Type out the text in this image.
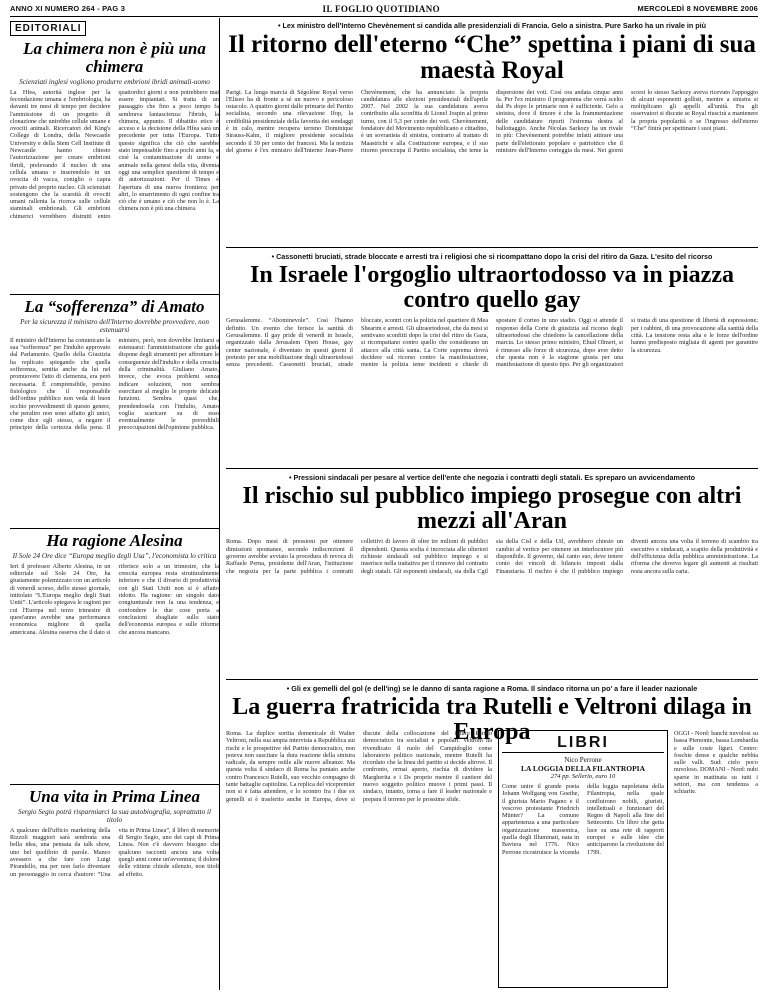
ANNO XI NUMERO 264 - PAG 3	IL FOGLIO QUOTIDIANO	MERCOLEDÌ 8 NOVEMBRE 2006
EDITORIALI
La chimera non è più una chimera
Scienziati inglesi vogliono produrre embrioni ibridi animali-uomo
La Hfea, autorità inglese per la fecondazione umana e l'embriologia, ha davanti tre mesi di tempo per decidere l'ammissione di un progetto di clonazione che unirebbe cellule umane e ovociti animali. Ricercatori del King's College di Londra, della Newcastle University e della Stem Cell Institute di Newcastle hanno chiesto l'autorizzazione per creare embrioni ibridi, prelevando il nucleo di una cellula umana e inserendolo in un ovocita di vacca, coniglio o capra privato del proprio nucleo. Gli scienziati sostengono che la scarsità di ovociti umani rallenta la ricerca sulle cellule staminali embrionali. Gli embrioni chimerici verrebbero distrutti entro quattordici giorni e non potrebbero mai essere impiantati. Si tratta di un passaggio che fino a poco tempo fa sembrava fantascienza: l'ibrido, la chimera, appunto. Il dibattito etico è acceso e la decisione della Hfea sarà un precedente per tutta l'Europa. Tutto questo significa che ciò che sarebbe stato impensabile fino a pochi anni fa, e cioè la contaminazione di uomo e animale nella genesi della vita, diventa oggi una semplice questione di tempo e di autorizzazioni. Per il Times è l'apertura di una nuova frontiera; per altri, lo smarrimento di ogni confine tra ciò che è umano e ciò che non lo è. La chimera non è più una chimera.
La “sofferenza” di Amato
Per la sicurezza il ministro dell'Interno dovrebbe provvedere, non estenuarsi
Il ministro dell'Interno ha comunicato la sua “sofferenza” per l'indulto approvato dal Parlamento. Quello della Giustizia ha replicato spiegando che quella sofferenza, sentita anche da lui nel promuovere l'atto di clemenza, era però necessaria. È comprensibile, persino fisiologico che il responsabile dell'ordine pubblico non veda di buon occhio provvedimenti di questo genere, che peraltro non sono affatto gli unici, come dice egli stesso, a negare il principio della certezza della pena. Il ministro, però, non dovrebbe limitarsi a estenuarsi: l'amministrazione che guida dispone degli strumenti per affrontare le conseguenze dell'indulto e della crescita della criminalità. Giuliano Amato, invece, che evoca problemi senza indicare soluzioni, non sembra esercitare al meglio le proprie delicate funzioni. Sembra quasi che, prendendosela con l'indulto, Amato voglia scaricare su di esso eventualmente le prevedibili preoccupazioni dell'opinione pubblica.
Ha ragione Alesina
Il Sole 24 Ore dice “Europa meglio degli Usa”, l'economista lo critica
Ieri il professor Alberto Alesina, in un editoriale sul Sole 24 Ore, ha giustamente polemizzato con un articolo di venerdì scorso, dello stesso giornale, intitolato “L'Europa meglio degli Stati Uniti”. L'articolo spiegava le ragioni per cui l'Europa nel terzo trimestre di quest'anno avrebbe una performance economica migliore di quella americana. Alesina osserva che il dato si riferisce solo a un trimestre, che la crescita europea resta strutturalmente inferiore e che il divario di produttività con gli Stati Uniti non si è affatto ridotto. Ha ragione: un singolo dato congiunturale non fa una tendenza, e confondere le due cose porta a conclusioni sbagliate sullo stato dell'economia europea e sulle riforme che ancora mancano.
Una vita in Prima Linea
Sergio Segio potrà risparmiarci la sua autobiografia, soprattutto il titolo
A qualcuno dell'ufficio marketing della Rizzoli maggiori sarà sembrata una bella idea, una pensata da talk show, uno bel quolibrio di parole. Manco avessero a che fare con Luigi Pirandello, ma per non farlo diventare un personaggio in cerca d'autore: “Una vita in Prima Linea”, il libro di memorie di Sergio Segio, uno dei capi di Prima Linea. Non c'è davvero bisogno che qualcuno racconti ancora una volta quegli anni come un'avventura; il dolore delle vittime chiede silenzio, non titoli ad effetto.
• Lex ministro dell'Interno Chevènement si candida alle presidenziali di Francia. Gelo a sinistra. Pure Sarko ha un rivale in più
Il ritorno dell'eterno “Che” spettina i piani di sua maestà Royal
Parigi. La lunga marcia di Ségolène Royal verso l'Eliseo ha di fronte a sé un nuovo e pericoloso ostacolo. A quattro giorni dalle primarie del Partito socialista, secondo una rilevazione Ifop, la credibilità presidenziale della favorita dei sondaggi è in calo, mentre recupera terreno Dominique Strauss-Kahn, il migliore presidente socialista secondo il 39 per cento dei francesi. Ma la notizia del giorno è l'ex ministro dell'Interno Jean-Pierre Chevènement, che ha annunciato la propria candidatura alle elezioni presidenziali dell'aprile 2007. Nel 2002 la sua candidatura aveva contribuito alla sconfitta di Lionel Jospin al primo turno, con il 5,3 per cento dei voti. Chevènement, fondatore del Movimento repubblicano e cittadino, è un sovranista di sinistra, contrario al trattato di Maastricht e alla Costituzione europea, e il suo ritorno preoccupa il Partito socialista, che teme la dispersione dei voti. Così ora andata cinque anni fa. Per l'ex ministro il programma che verrà scelto dal Ps dopo le primarie non è sufficiente. Gelo a sinistra, dove il timore è che la frammentazione delle candidature riporti l'estrema destra al ballottaggio. Anche Nicolas Sarkozy ha un rivale in più: Chevènement potrebbe infatti attirare una parte dell'elettorato popolare e patriottico che il ministro dell'Interno corteggia da mesi. Nei giorni scorsi lo stesso Sarkozy aveva ricevuto l'appoggio di alcuni esponenti gollisti, mentre a sinistra si moltiplicano gli appelli all'unità. Fra gli osservatori si discute se Royal riuscirà a mantenere la propria popolarità o se l'ingresso dell'eterno “Che” finirà per spettinare i suoi piani.
• Cassonetti bruciati, strade bloccate e arresti tra i religiosi che si ricompattano dopo la crisi del ritiro da Gaza. L'esito del ricorso
In Israele l'orgoglio ultraortodosso va in piazza contro quello gay
Gerusalemme. “Abominevole”. Così l'hanno definito. Un evento che ferisce la santità di Gerusalemme. Il gay pride di venerdì in Israele, organizzato dalla Jerusalem Open House, gay center nazionale, è diventato in questi giorni il pretesto per una mobilitazione degli ultraortodossi senza precedenti. Cassonetti bruciati, strade bloccate, scontri con la polizia nel quartiere di Mea Shearim e arresti. Gli ultraortodossi, che da mesi si sentivano sconfitti dopo la crisi del ritiro da Gaza, si ricompattano contro quello che considerano un attacco alla città santa. La Corte suprema dovrà decidere sul ricorso contro la manifestazione, mentre la polizia teme incidenti e chiede di spostare il corteo in uno stadio. Oggi si attende il responso della Corte di giustizia sul ricorso degli ultraortodossi che chiedono la cancellazione della marcia. Lo stesso primo ministro, Ehud Olmert, si è rimesso alle forze di sicurezza, dopo aver detto che questa non è la stagione giusta per una manifestazione di questo tipo. Per gli organizzatori si tratta di una questione di libertà di espressione; per i rabbini, di una provocazione alla santità della città. La tensione resta alta e le forze dell'ordine hanno predisposto migliaia di agenti per garantire la sicurezza.
• Pressioni sindacali per pesare al vertice dell'ente che negozia i contratti degli statali. Es spreparo un avvicendamento
Il rischio sul pubblico impiego prosegue con altri mezzi all'Aran
Roma. Dopo mesi di pressioni per ottenere dimissioni spontanee, secondo indiscrezioni il governo avrebbe avviato la procedura di revoca di Raffaele Perna, presidente dell'Aran, l'istituzione che negozia per la parte pubblica i contratti collettivi di lavoro di oltre tre milioni di pubblici dipendenti. Questa scelta è incrociata alle ulteriori richieste sindacali sul pubblico impiego e si inserisce nella trattativa per il rinnovo del contratto degli statali. Gli esponenti sindacali, sia della Cgil sia della Cisl e della Uil, avrebbero chiesto un cambio al vertice per ottenere un interlocutore più disponibile. Il governo, dal canto suo, deve tenere conto dei vincoli di bilancio imposti dalla Finanziaria. Il rischio è che il pubblico impiego diventi ancora una volta il terreno di scambio tra esecutivo e sindacati, a scapito della produttività e dell'efficienza della pubblica amministrazione. La riforma che doveva legare gli aumenti ai risultati resta ancora sulla carta.
• Gli ex gemelli del gol (e dell'ing) se le danno di santa ragione a Roma. Il sindaco ritorna un po' a fare il leader nazionale
La guerra fratricida tra Rutelli e Veltroni dilaga in Europa
Roma. La duplice sortita domenicale di Walter Veltroni, nella sua ampia intervista a Repubblica sui rischi e le prospettive del Partito democratico, non poteva non suscitare la dura reazione della sinistra radicale, da sempre ostile alle nuove alleanze. Ma questa volta il sindaco di Roma ha puntato anche contro Francesco Rutelli, suo vecchio compagno di tante battaglie capitoline. La replica del vicepremier non si è fatta attendere, e lo scontro fra i due ex gemelli si è trasferito anche in Europa, dove si discute della collocazione del futuro Partito democratico tra socialisti e popolari. Veltroni ha rivendicato il ruolo del Campidoglio come laboratorio politico nazionale, mentre Rutelli ha ricordato che la linea del partito si decide altrove. Il confronto, ormai aperto, rischia di dividere la Margherita e i Ds proprio mentre il cantiere del nuovo soggetto politico muove i primi passi. Il sindaco, intanto, torna a fare il leader nazionale e prepara il terreno per le prossime sfide.
LIBRI
Nico Perrone
LA LOGGIA DELLA FILANTROPIA
274 pp. Sellerio, euro 10
Come unire il grande poeta Johann Wolfgang von Goethe, il giurista Mario Pagano e il vescovo protestante Friedrich Münter? La comune appartenenza a una particolare organizzazione massonica, quella degli Illuminati, nata in Baviera nel 1776. Nico Perrone ricostruisce la vicenda della loggia napoletana della Filantropia, nella quale confluirono nobili, giuristi, intellettuali e funzionari del Regno di Napoli alla fine del Settecento. Un libro che getta luce su una rete di rapporti europei e sulle idee che anticiparono la rivoluzione del 1799.
OGGI - Nord: banchi nuvolosi su bassa Piemonte, bassa Lombardia e sulle coste liguri. Centro: foschie dense e qualche nebbia sulle valli. Sud: cielo poco nuvoloso. DOMANI - Nord: nubi sparse in mattinata su tutti i settori, ma con tendenza a schiarite.
